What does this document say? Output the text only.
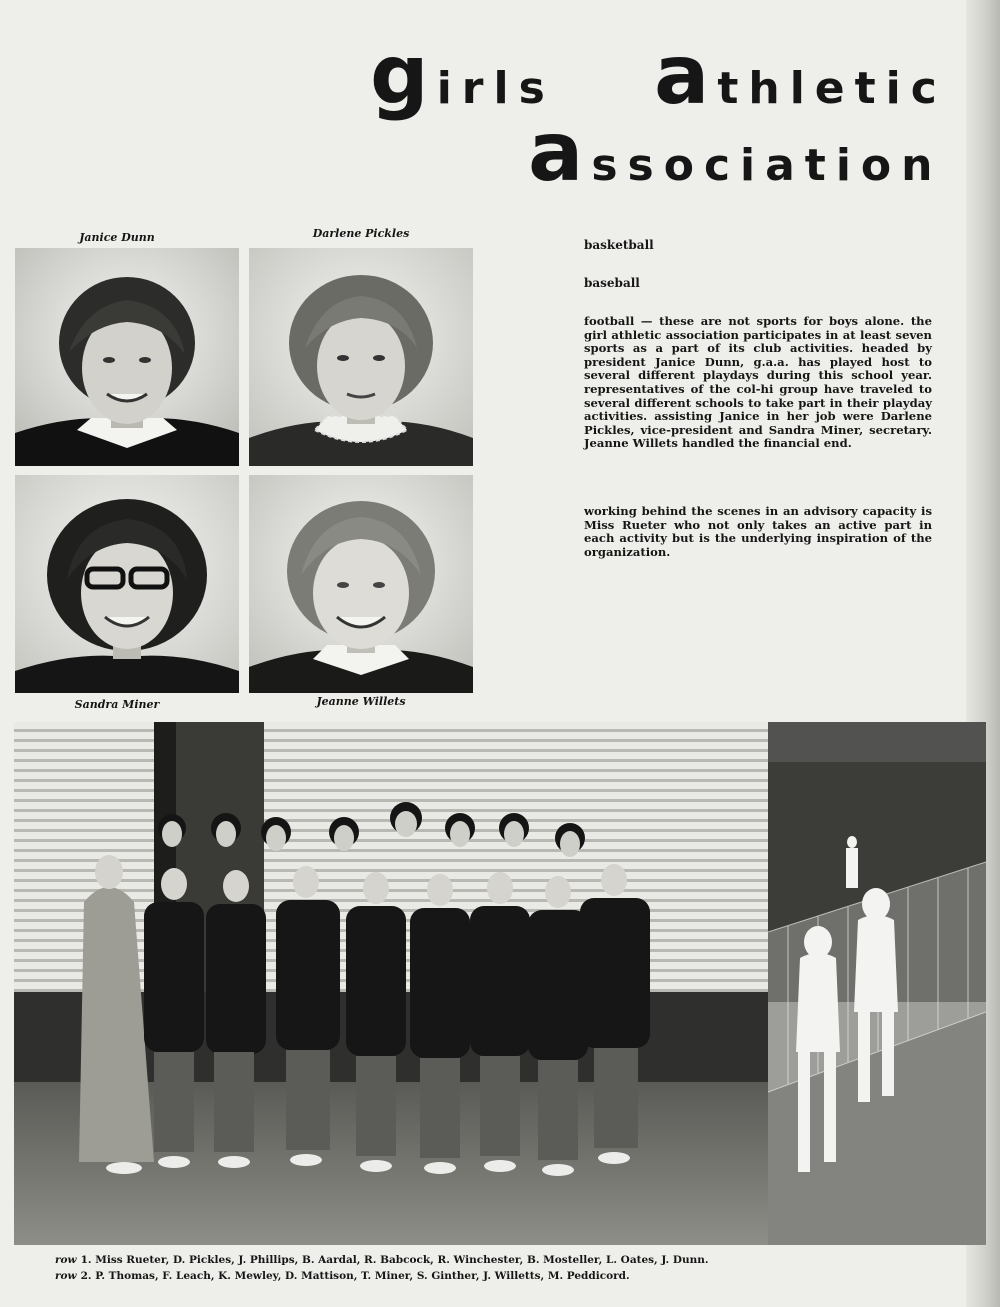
girls athletic
association
Janice Dunn	Darlene Pickles
Sandra Miner	Jeanne Willets
basketball
baseball

football — these are not sports for boys alone. the girl athletic association participates in at least seven sports as a part of its club activities. headed by president Janice Dunn, g.a.a. has played host to several different playdays during this school year. representatives of the col-hi group have traveled to several different schools to take part in their playday activities. assisting Janice in her job were Darlene Pickles, vice-president and Sandra Miner, secretary. Jeanne Willets handled the financial end.

working behind the scenes in an advisory capacity is Miss Rueter who not only takes an active part in each activity but is the underlying inspiration of the organization.

row 1. Miss Rueter, D. Pickles, J. Phillips, B. Aardal, R. Babcock, R. Winchester, B. Mosteller, L. Oates, J. Dunn.
row 2. P. Thomas, F. Leach, K. Mewley, D. Mattison, T. Miner, S. Ginther, J. Willetts, M. Peddicord.
